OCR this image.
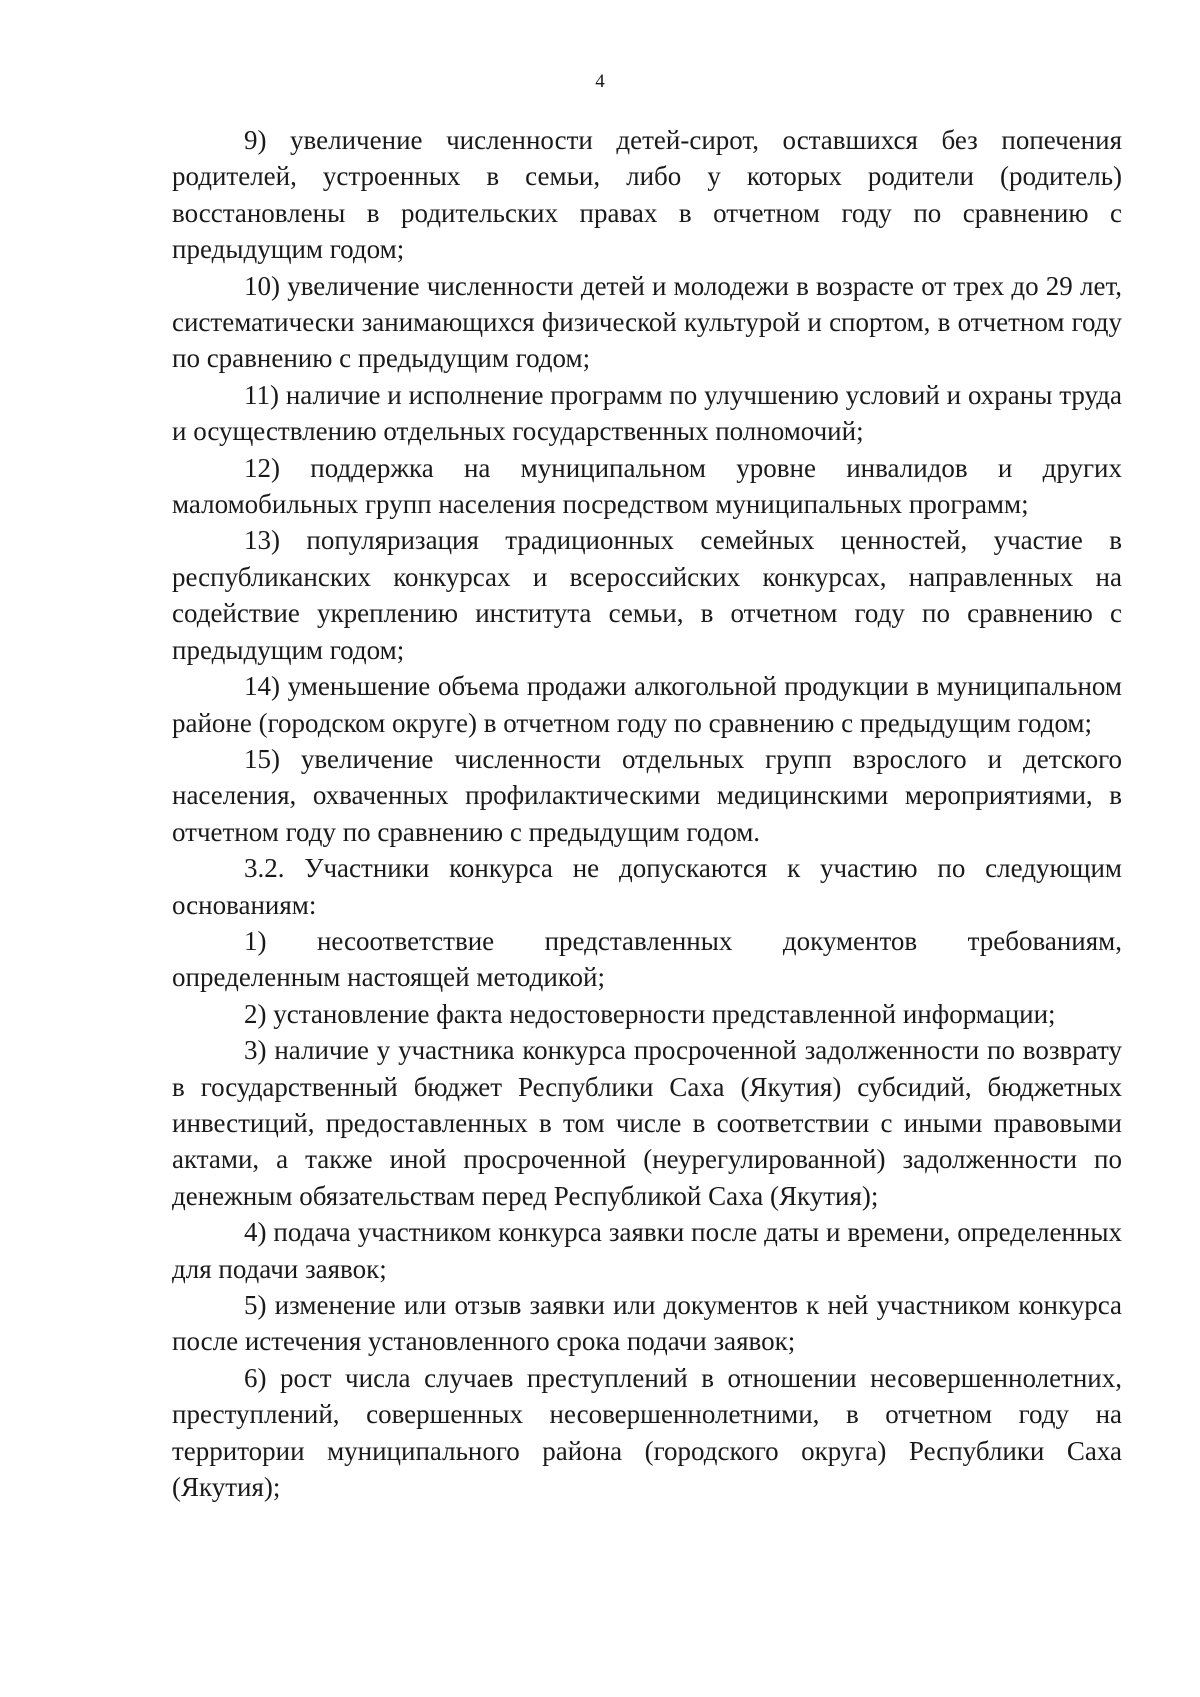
4

9) увеличение численности детей-сирот, оставшихся без попечения родителей, устроенных в семьи, либо у которых родители (родитель) восстановлены в родительских правах в отчетном году по сравнению с предыдущим годом;

10) увеличение численности детей и молодежи в возрасте от трех до 29 лет, систематически занимающихся физической культурой и спортом, в отчетном году по сравнению с предыдущим годом;

11) наличие и исполнение программ по улучшению условий и охраны труда и осуществлению отдельных государственных полномочий;

12) поддержка на муниципальном уровне инвалидов и других маломобильных групп населения посредством муниципальных программ;

13) популяризация традиционных семейных ценностей, участие в республиканских конкурсах и всероссийских конкурсах, направленных на содействие укреплению института семьи, в отчетном году по сравнению с предыдущим годом;

14) уменьшение объема продажи алкогольной продукции в муниципальном районе (городском округе) в отчетном году по сравнению с предыдущим годом;

15) увеличение численности отдельных групп взрослого и детского населения, охваченных профилактическими медицинскими мероприятиями, в отчетном году по сравнению с предыдущим годом.

3.2. Участники конкурса не допускаются к участию по следующим основаниям:

1) несоответствие представленных документов требованиям, определенным настоящей методикой;

2) установление факта недостоверности представленной информации;

3) наличие у участника конкурса просроченной задолженности по возврату в государственный бюджет Республики Саха (Якутия) субсидий, бюджетных инвестиций, предоставленных в том числе в соответствии с иными правовыми актами, а также иной просроченной (неурегулированной) задолженности по денежным обязательствам перед Республикой Саха (Якутия);

4) подача участником конкурса заявки после даты и времени, определенных для подачи заявок;

5) изменение или отзыв заявки или документов к ней участником конкурса после истечения установленного срока подачи заявок;

6) рост числа случаев преступлений в отношении несовершеннолетних, преступлений, совершенных несовершеннолетними, в отчетном году на территории муниципального района (городского округа) Республики Саха (Якутия);
